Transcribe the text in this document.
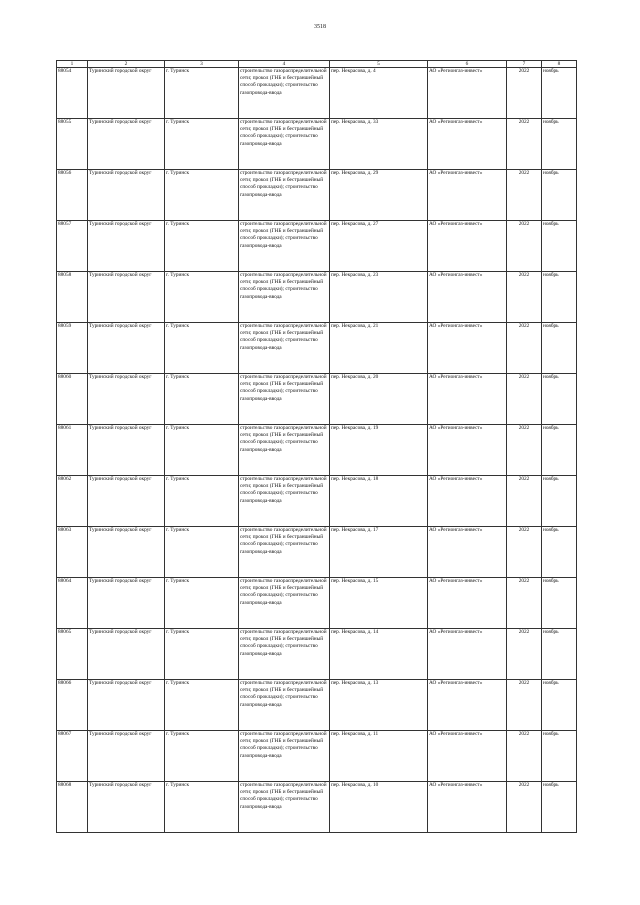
3518
1	2	3	4	5	6	7	8
88054	Туринский городской округ	г. Туринск	строительство газораспределительной сети; прокол (ГНБ и бестраншейный способ прокладки); строительство газопровода-ввода	пер. Некрасова, д. 4	АО «Регионгаз-инвест»	2022	ноябрь
88055	Туринский городской округ	г. Туринск	строительство газораспределительной сети; прокол (ГНБ и бестраншейный способ прокладки); строительство газопровода-ввода	пер. Некрасова, д. 33	АО «Регионгаз-инвест»	2022	ноябрь
88056	Туринский городской округ	г. Туринск	строительство газораспределительной сети; прокол (ГНБ и бестраншейный способ прокладки); строительство газопровода-ввода	пер. Некрасова, д. 29	АО «Регионгаз-инвест»	2022	ноябрь
88057	Туринский городской округ	г. Туринск	строительство газораспределительной сети; прокол (ГНБ и бестраншейный способ прокладки); строительство газопровода-ввода	пер. Некрасова, д. 27	АО «Регионгаз-инвест»	2022	ноябрь
88058	Туринский городской округ	г. Туринск	строительство газораспределительной сети; прокол (ГНБ и бестраншейный способ прокладки); строительство газопровода-ввода	пер. Некрасова, д. 23	АО «Регионгаз-инвест»	2022	ноябрь
88059	Туринский городской округ	г. Туринск	строительство газораспределительной сети; прокол (ГНБ и бестраншейный способ прокладки); строительство газопровода-ввода	пер. Некрасова, д. 21	АО «Регионгаз-инвест»	2022	ноябрь
88060	Туринский городской округ	г. Туринск	строительство газораспределительной сети; прокол (ГНБ и бестраншейный способ прокладки); строительство газопровода-ввода	пер. Некрасова, д. 20	АО «Регионгаз-инвест»	2022	ноябрь
88061	Туринский городской округ	г. Туринск	строительство газораспределительной сети; прокол (ГНБ и бестраншейный способ прокладки); строительство газопровода-ввода	пер. Некрасова, д. 19	АО «Регионгаз-инвест»	2022	ноябрь
88062	Туринский городской округ	г. Туринск	строительство газораспределительной сети; прокол (ГНБ и бестраншейный способ прокладки); строительство газопровода-ввода	пер. Некрасова, д. 18	АО «Регионгаз-инвест»	2022	ноябрь
88063	Туринский городской округ	г. Туринск	строительство газораспределительной сети; прокол (ГНБ и бестраншейный способ прокладки); строительство газопровода-ввода	пер. Некрасова, д. 17	АО «Регионгаз-инвест»	2022	ноябрь
88064	Туринский городской округ	г. Туринск	строительство газораспределительной сети; прокол (ГНБ и бестраншейный способ прокладки); строительство газопровода-ввода	пер. Некрасова, д. 15	АО «Регионгаз-инвест»	2022	ноябрь
88065	Туринский городской округ	г. Туринск	строительство газораспределительной сети; прокол (ГНБ и бестраншейный способ прокладки); строительство газопровода-ввода	пер. Некрасова, д. 14	АО «Регионгаз-инвест»	2022	ноябрь
88066	Туринский городской округ	г. Туринск	строительство газораспределительной сети; прокол (ГНБ и бестраншейный способ прокладки); строительство газопровода-ввода	пер. Некрасова, д. 13	АО «Регионгаз-инвест»	2022	ноябрь
88067	Туринский городской округ	г. Туринск	строительство газораспределительной сети; прокол (ГНБ и бестраншейный способ прокладки); строительство газопровода-ввода	пер. Некрасова, д. 11	АО «Регионгаз-инвест»	2022	ноябрь
88068	Туринский городской округ	г. Туринск	строительство газораспределительной сети; прокол (ГНБ и бестраншейный способ прокладки); строительство газопровода-ввода	пер. Некрасова, д. 10	АО «Регионгаз-инвест»	2022	ноябрь
